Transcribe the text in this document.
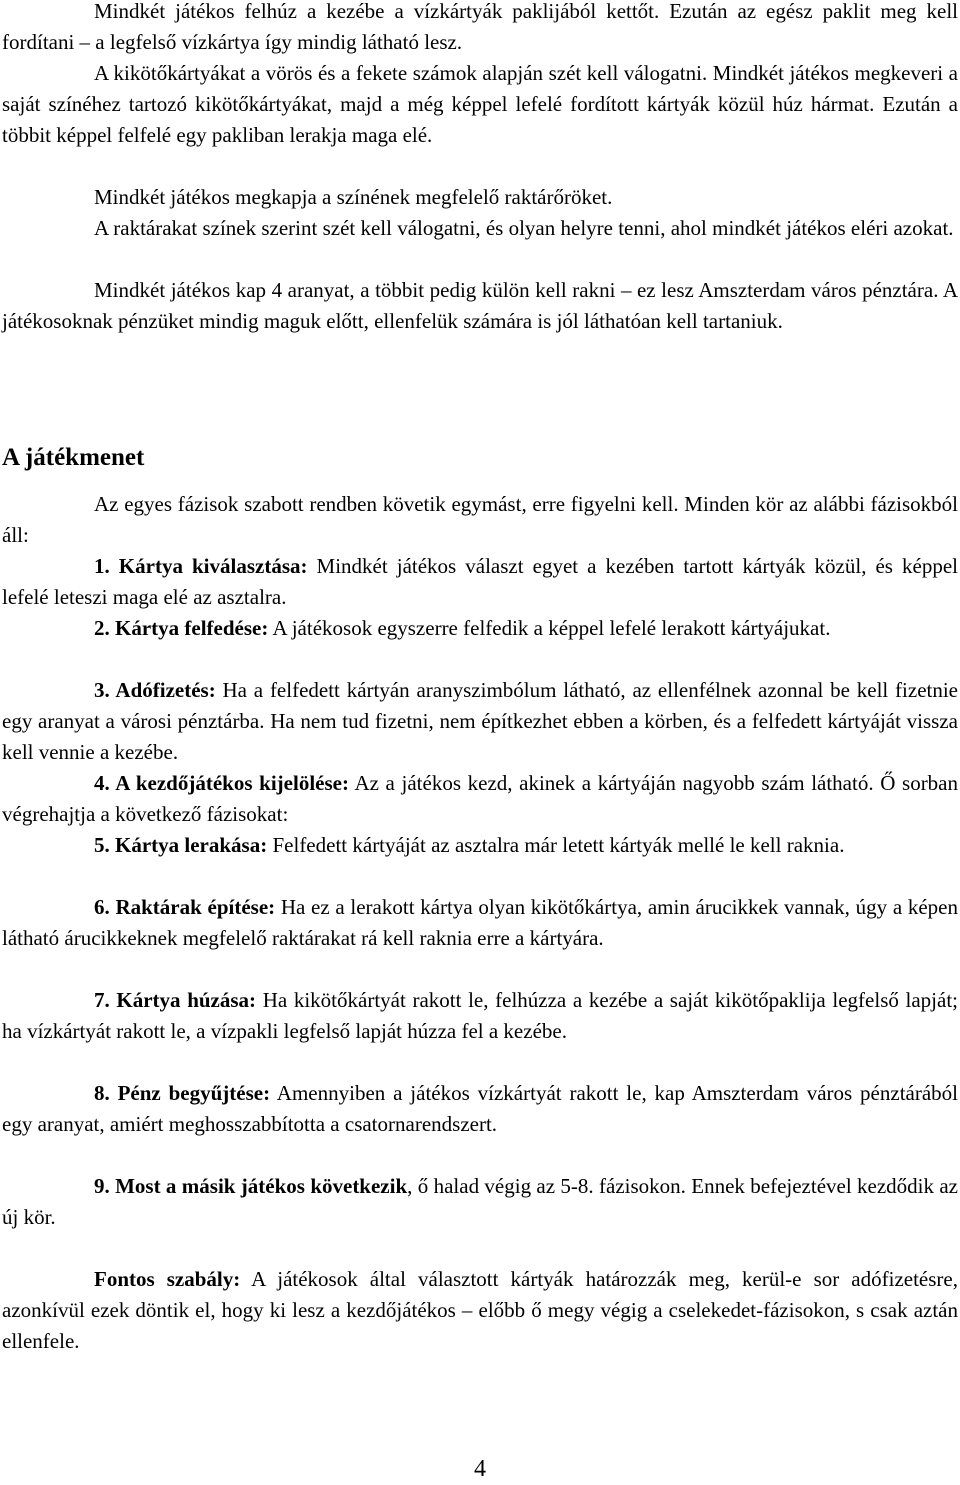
Mindkét játékos felhúz a kezébe a vízkártyák paklijából kettőt. Ezután az egész paklit meg kell fordítani – a legfelső vízkártya így mindig látható lesz.

A kikötőkártyákat a vörös és a fekete számok alapján szét kell válogatni. Mindkét játékos megkeveri a saját színéhez tartozó kikötőkártyákat, majd a még képpel lefelé fordított kártyák közül húz hármat. Ezután a többit képpel felfelé egy pakliban lerakja maga elé.

Mindkét játékos megkapja a színének megfelelő raktárőröket.

A raktárakat színek szerint szét kell válogatni, és olyan helyre tenni, ahol mindkét játékos eléri azokat.

Mindkét játékos kap 4 aranyat, a többit pedig külön kell rakni – ez lesz Amszterdam város pénztára. A játékosoknak pénzüket mindig maguk előtt, ellenfelük számára is jól láthatóan kell tartaniuk.

A játékmenet

Az egyes fázisok szabott rendben követik egymást, erre figyelni kell. Minden kör az alábbi fázisokból áll:

1. Kártya kiválasztása: Mindkét játékos választ egyet a kezében tartott kártyák közül, és képpel lefelé leteszi maga elé az asztalra.

2. Kártya felfedése: A játékosok egyszerre felfedik a képpel lefelé lerakott kártyájukat.

3. Adófizetés: Ha a felfedett kártyán aranyszimbólum látható, az ellenfélnek azonnal be kell fizetnie egy aranyat a városi pénztárba. Ha nem tud fizetni, nem építkezhet ebben a körben, és a felfedett kártyáját vissza kell vennie a kezébe.

4. A kezdőjátékos kijelölése: Az a játékos kezd, akinek a kártyáján nagyobb szám látható. Ő sorban végrehajtja a következő fázisokat:

5. Kártya lerakása: Felfedett kártyáját az asztalra már letett kártyák mellé le kell raknia.

6. Raktárak építése: Ha ez a lerakott kártya olyan kikötőkártya, amin árucikkek vannak, úgy a képen látható árucikkeknek megfelelő raktárakat rá kell raknia erre a kártyára.

7. Kártya húzása: Ha kikötőkártyát rakott le, felhúzza a kezébe a saját kikötőpaklija legfelső lapját; ha vízkártyát rakott le, a vízpakli legfelső lapját húzza fel a kezébe.

8. Pénz begyűjtése: Amennyiben a játékos vízkártyát rakott le, kap Amszterdam város pénztárából egy aranyat, amiért meghosszabbította a csatornarendszert.

9. Most a másik játékos következik, ő halad végig az 5-8. fázisokon. Ennek befejeztével kezdődik az új kör.

Fontos szabály: A játékosok által választott kártyák határozzák meg, kerül-e sor adófizetésre, azonkívül ezek döntik el, hogy ki lesz a kezdőjátékos – előbb ő megy végig a cselekedet-fázisokon, s csak aztán ellenfele.

4
